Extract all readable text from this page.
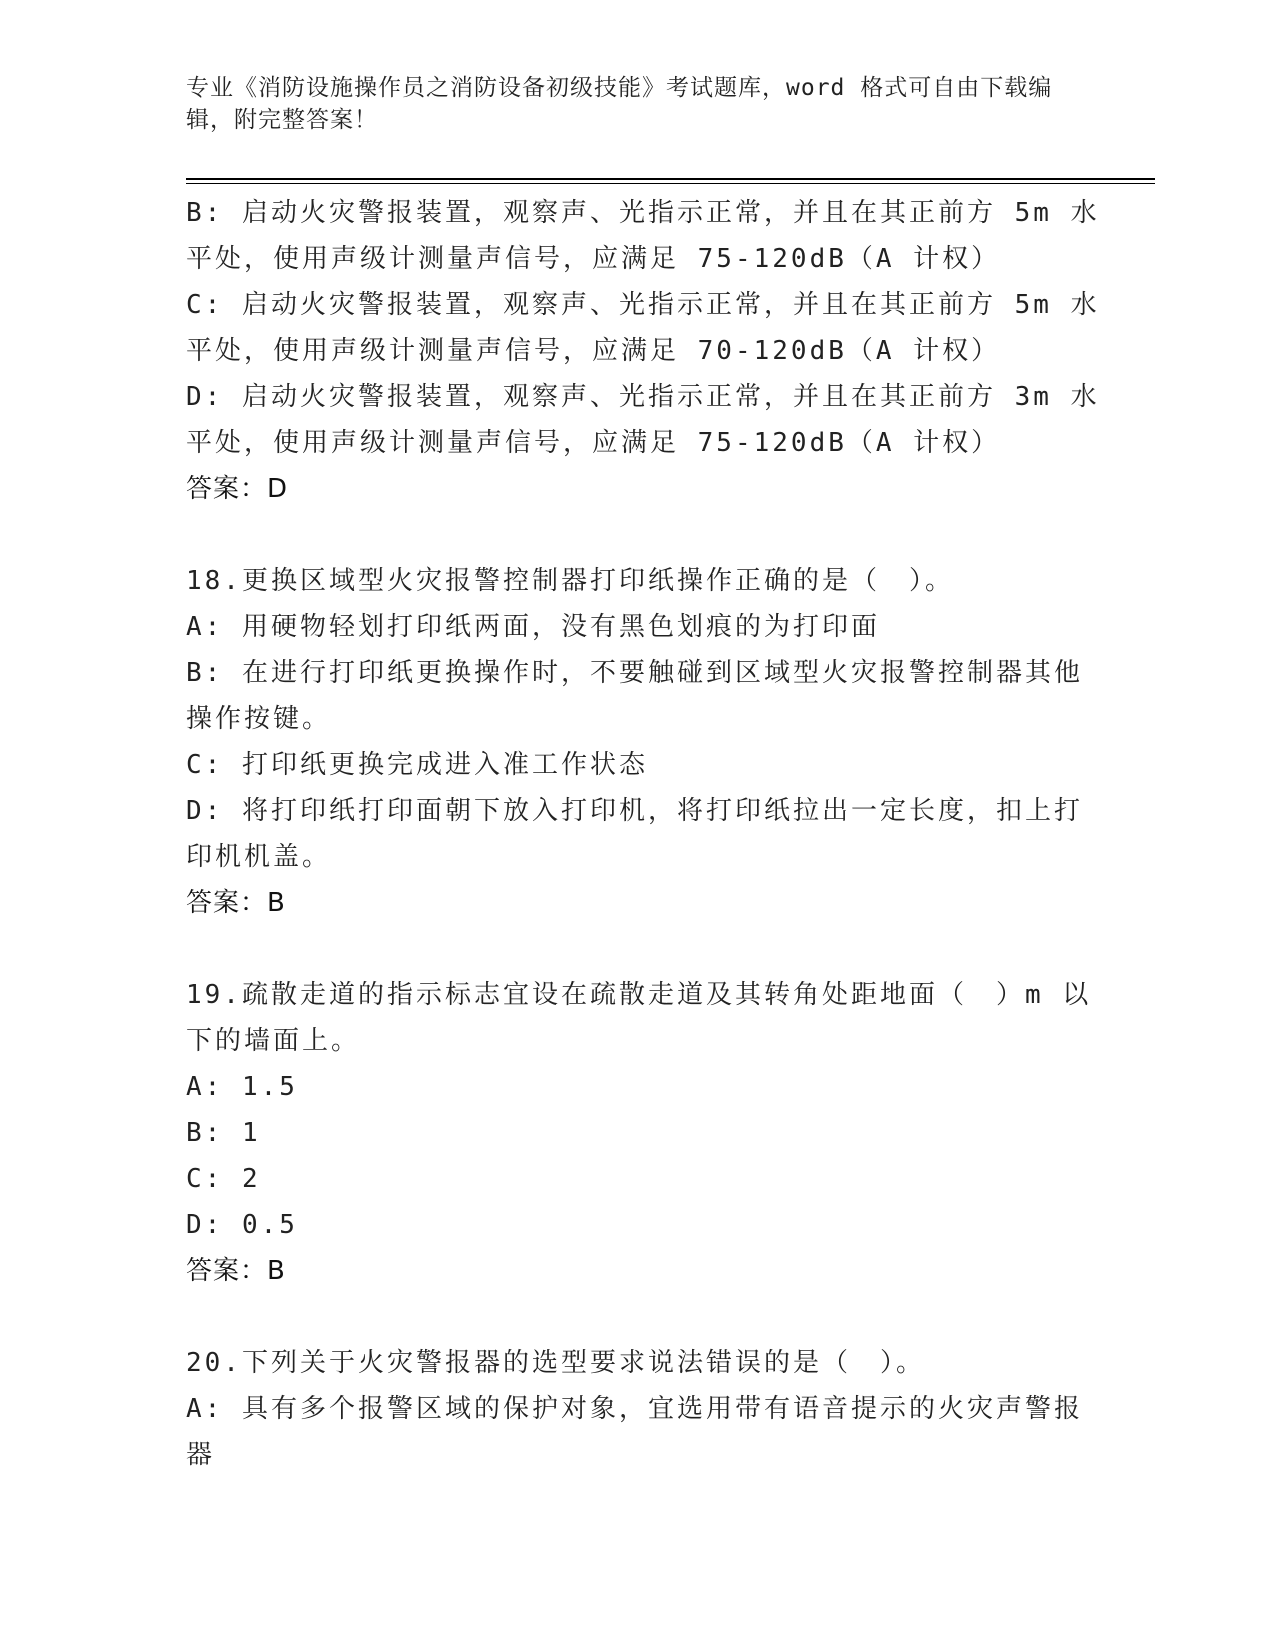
专业《消防设施操作员之消防设备初级技能》考试题库，word 格式可自由下载编
辑，附完整答案！
B: 启动火灾警报装置，观察声、光指示正常，并且在其正前方 5m 水
平处，使用声级计测量声信号，应满足 75-120dB（A 计权）
C: 启动火灾警报装置，观察声、光指示正常，并且在其正前方 5m 水
平处，使用声级计测量声信号，应满足 70-120dB（A 计权）
D: 启动火灾警报装置，观察声、光指示正常，并且在其正前方 3m 水
平处，使用声级计测量声信号，应满足 75-120dB（A 计权）
答案：D
18.更换区域型火灾报警控制器打印纸操作正确的是（　）。
A: 用硬物轻划打印纸两面，没有黑色划痕的为打印面
B: 在进行打印纸更换操作时，不要触碰到区域型火灾报警控制器其他
操作按键。
C: 打印纸更换完成进入准工作状态
D: 将打印纸打印面朝下放入打印机，将打印纸拉出一定长度，扣上打
印机机盖。
答案：B
19.疏散走道的指示标志宜设在疏散走道及其转角处距地面（　）m 以
下的墙面上。
A: 1.5
B: 1
C: 2
D: 0.5
答案：B
20.下列关于火灾警报器的选型要求说法错误的是（　）。
A: 具有多个报警区域的保护对象，宜选用带有语音提示的火灾声警报
器
